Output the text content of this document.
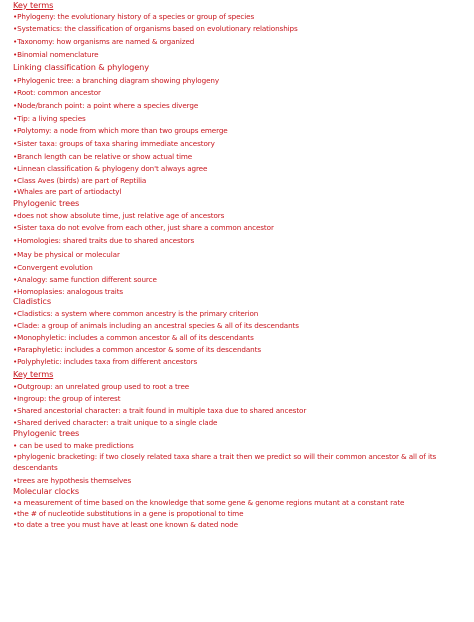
Key terms
•Phylogeny: the evolutionary history of a species or group of species
•Systematics: the classification of organisms based on evolutionary relationships
•Taxonomy: how organisms are named & organized
•Binomial nomenclature
Linking classification & phylogeny
•Phylogenic tree: a branching diagram showing phylogeny
•Root: common ancestor
•Node/branch point: a point where a species diverge
•Tip: a living species
•Polytomy: a node from which more than two groups emerge
•Sister taxa: groups of taxa sharing immediate ancestory
•Branch length can be relative or show actual time
•Linnean classification & phylogeny don't always agree
•Class Aves (birds) are part of Reptilia
•Whales are part of artiodactyl
Phylogenic trees
•does not show absolute time, just relative age of ancestors
•Sister taxa do not evolve from each other, just share a common ancestor
•Homologies: shared traits due to shared ancestors
•May be physical or molecular
•Convergent evolution
•Analogy: same function different source
•Homoplasies: analogous traits
Cladistics
•Cladistics: a system where common ancestry is the primary criterion
•Clade: a group of animals including an ancestral species & all of its descendants
•Monophyletic: includes a common ancestor & all of its descendants
•Paraphyletic: includes a common ancestor & some of its descendants
•Polyphyletic: includes taxa from different ancestors
Key terms
•Outgroup: an unrelated group used to root a tree
•Ingroup: the group of interest
•Shared ancestorial character: a trait found in multiple taxa due to shared ancestor
•Shared derived character: a trait unique to a single clade
Phylogenic trees
• can be used to make predictions
•phylogenic bracketing: if two closely related taxa share a trait then we predict so will their common ancestor & all of its
descendants
•trees are hypothesis themselves
Molecular clocks
•a measurement of time based on the knowledge that some gene & genome regions mutant at a constant rate
•the # of nucleotide substitutions in a gene is propotional to time
•to date a tree you must have at least one known & dated node
